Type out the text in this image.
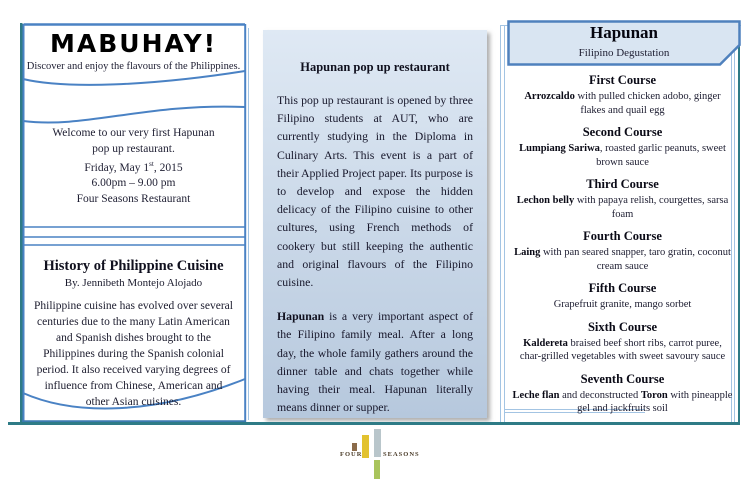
MABUHAY!
Discover and enjoy the flavours of the Philippines.
Welcome to our very first Hapunan
pop up restaurant.
Friday, May 1st, 2015
6.00pm – 9.00 pm
Four Seasons Restaurant
History of Philippine Cuisine
By. Jennibeth Montejo Alojado
Philippine cuisine has evolved over several centuries due to the many Latin American and Spanish dishes brought to the Philippines during the Spanish colonial period. It also received varying degrees of influence from Chinese, American and other Asian cuisines.
Hapunan pop up restaurant
This pop up restaurant is opened by three Filipino students at AUT, who are currently studying in the Diploma in Culinary Arts. This event is a part of their Applied Project paper. Its purpose is to develop and expose the hidden delicacy of the Filipino cuisine to other cultures, using French methods of cookery but still keeping the authentic and original flavours of the Filipino cuisine.
Hapunan is a very important aspect of the Filipino family meal. After a long day, the whole family gathers around the dinner table and chats together while having their meal. Hapunan literally means dinner or supper.
FOUR	SEASONS
Hapunan
Filipino Degustation
First Course
Arrozcaldo with pulled chicken adobo, ginger flakes and quail egg
Second Course
Lumpiang Sariwa, roasted garlic peanuts, sweet brown sauce
Third Course
Lechon belly with papaya relish, courgettes, sarsa foam
Fourth Course
Laing with pan seared snapper, taro gratin, coconut cream sauce
Fifth Course
Grapefruit granite, mango sorbet
Sixth Course
Kaldereta braised beef short ribs, carrot puree, char-grilled vegetables with sweet savoury sauce
Seventh Course
Leche flan and deconstructed Toron with pineapple gel and jackfruits soil
